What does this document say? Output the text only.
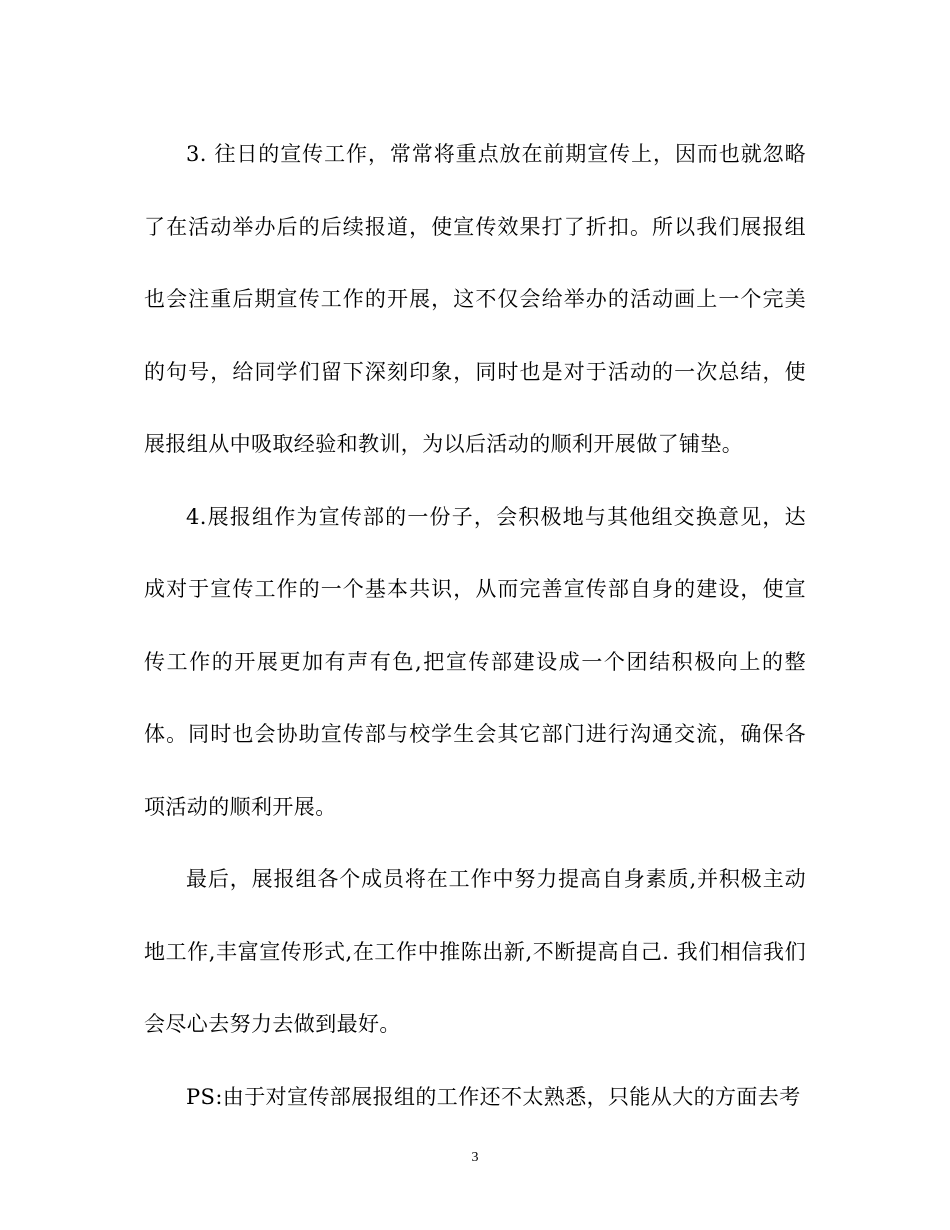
3. 往日的宣传工作，常常将重点放在前期宣传上，因而也就忽略了在活动举办后的后续报道，使宣传效果打了折扣。所以我们展报组也会注重后期宣传工作的开展，这不仅会给举办的活动画上一个完美的句号，给同学们留下深刻印象，同时也是对于活动的一次总结，使展报组从中吸取经验和教训，为以后活动的顺利开展做了铺垫。

4.展报组作为宣传部的一份子，会积极地与其他组交换意见，达成对于宣传工作的一个基本共识，从而完善宣传部自身的建设，使宣传工作的开展更加有声有色,把宣传部建设成一个团结积极向上的整体。同时也会协助宣传部与校学生会其它部门进行沟通交流，确保各项活动的顺利开展。

最后，展报组各个成员将在工作中努力提高自身素质,并积极主动地工作,丰富宣传形式,在工作中推陈出新,不断提高自己. 我们相信我们会尽心去努力去做到最好。

PS:由于对宣传部展报组的工作还不太熟悉，只能从大的方面去考

3
